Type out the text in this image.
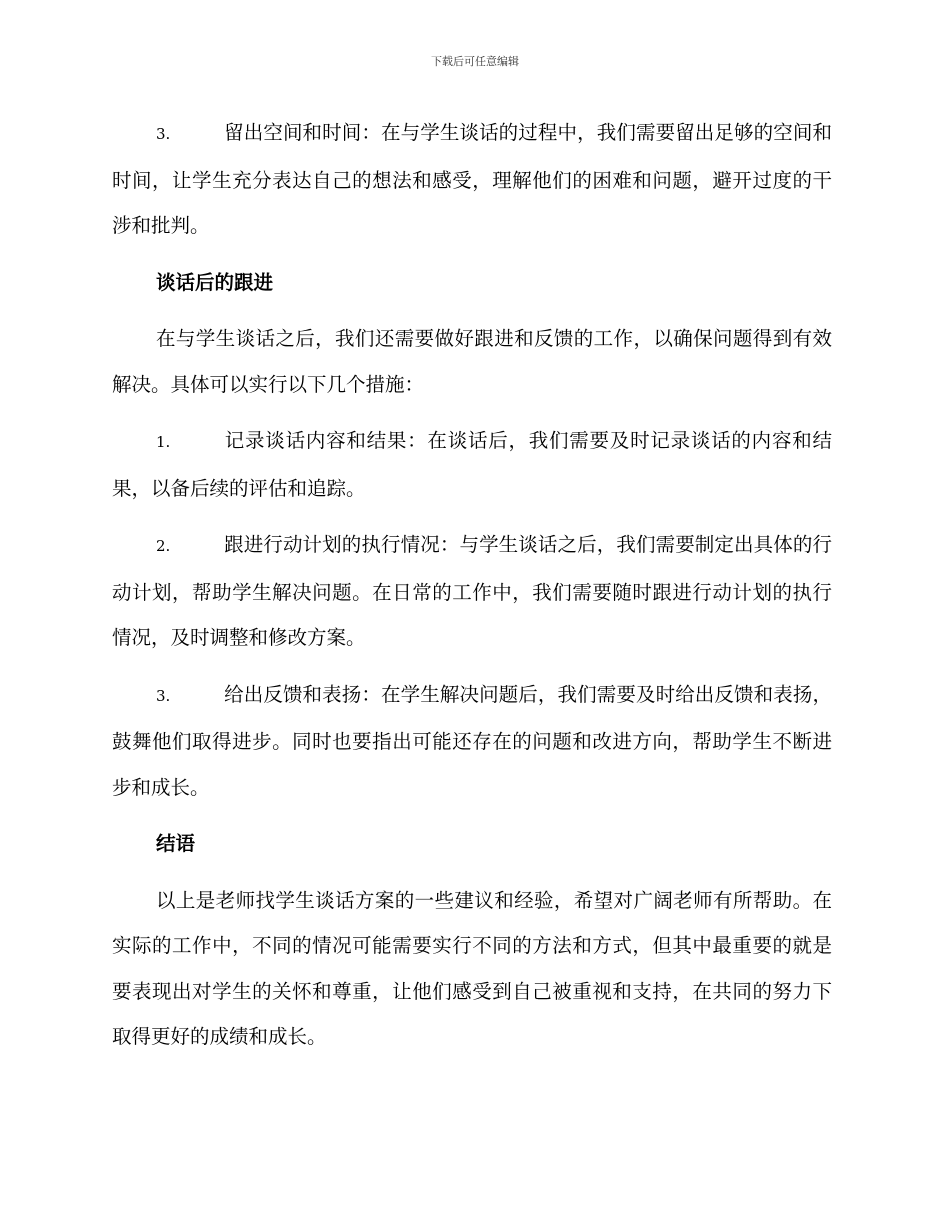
下载后可任意编辑
3.	留出空间和时间：在与学生谈话的过程中，我们需要留出足够的空间和时间，让学生充分表达自己的想法和感受，理解他们的困难和问题，避开过度的干涉和批判。
谈话后的跟进
在与学生谈话之后，我们还需要做好跟进和反馈的工作，以确保问题得到有效解决。具体可以实行以下几个措施：
1.	记录谈话内容和结果：在谈话后，我们需要及时记录谈话的内容和结果，以备后续的评估和追踪。
2.	跟进行动计划的执行情况：与学生谈话之后，我们需要制定出具体的行动计划，帮助学生解决问题。在日常的工作中，我们需要随时跟进行动计划的执行情况，及时调整和修改方案。
3.	给出反馈和表扬：在学生解决问题后，我们需要及时给出反馈和表扬，鼓舞他们取得进步。同时也要指出可能还存在的问题和改进方向，帮助学生不断进步和成长。
结语
以上是老师找学生谈话方案的一些建议和经验，希望对广阔老师有所帮助。在实际的工作中，不同的情况可能需要实行不同的方法和方式，但其中最重要的就是要表现出对学生的关怀和尊重，让他们感受到自己被重视和支持，在共同的努力下取得更好的成绩和成长。
